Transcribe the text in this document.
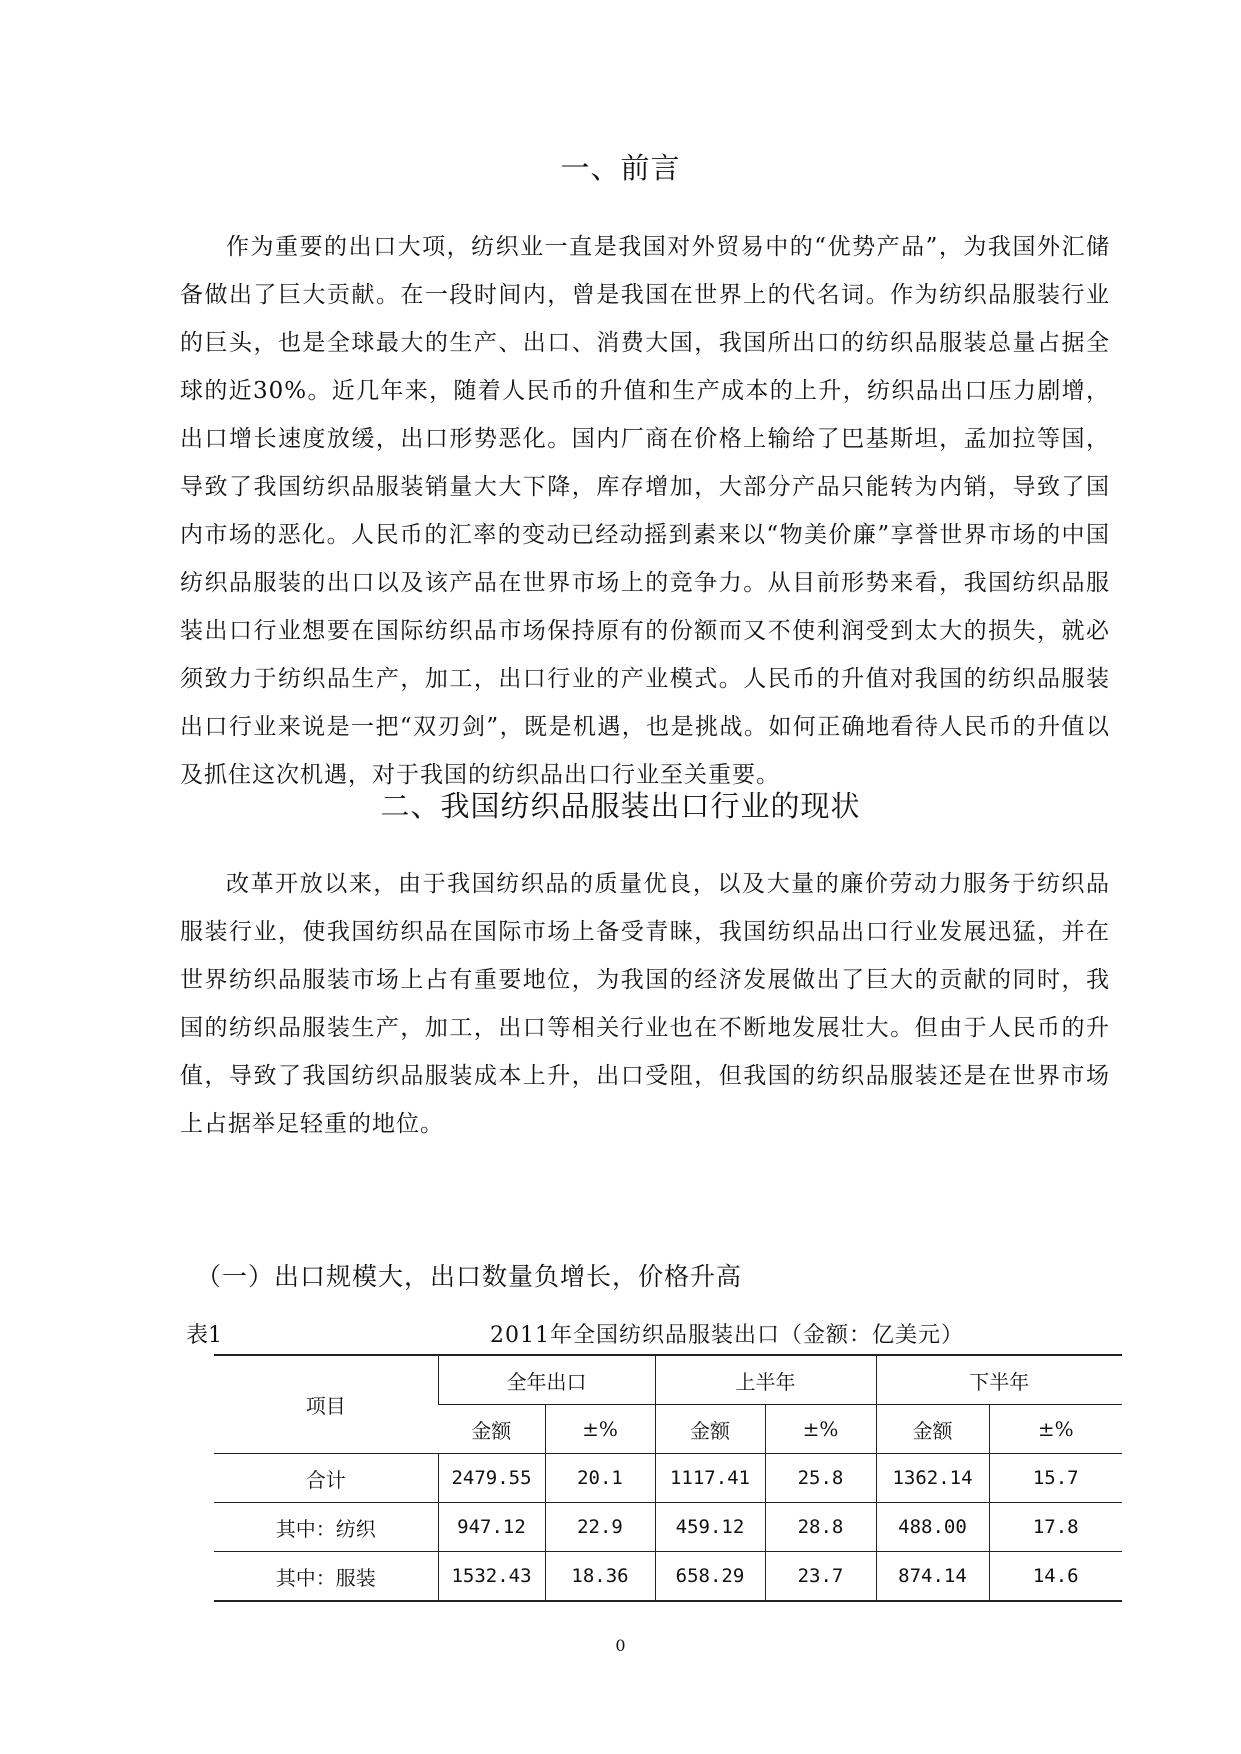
一、前言
作为重要的出口大项，纺织业一直是我国对外贸易中的“优势产品”，为我国外汇储备做出了巨大贡献。在一段时间内，曾是我国在世界上的代名词。作为纺织品服装行业的巨头，也是全球最大的生产、出口、消费大国，我国所出口的纺织品服装总量占据全球的近30%。近几年来，随着人民币的升值和生产成本的上升，纺织品出口压力剧增，出口增长速度放缓，出口形势恶化。国内厂商在价格上输给了巴基斯坦，孟加拉等国，导致了我国纺织品服装销量大大下降，库存增加，大部分产品只能转为内销，导致了国内市场的恶化。人民币的汇率的变动已经动摇到素来以“物美价廉”享誉世界市场的中国纺织品服装的出口以及该产品在世界市场上的竞争力。从目前形势来看，我国纺织品服装出口行业想要在国际纺织品市场保持原有的份额而又不使利润受到太大的损失，就必须致力于纺织品生产，加工，出口行业的产业模式。人民币的升值对我国的纺织品服装出口行业来说是一把“双刃剑”，既是机遇，也是挑战。如何正确地看待人民币的升值以及抓住这次机遇，对于我国的纺织品出口行业至关重要。
二、我国纺织品服装出口行业的现状
改革开放以来，由于我国纺织品的质量优良，以及大量的廉价劳动力服务于纺织品服装行业，使我国纺织品在国际市场上备受青睐，我国纺织品出口行业发展迅猛，并在世界纺织品服装市场上占有重要地位，为我国的经济发展做出了巨大的贡献的同时，我国的纺织品服装生产，加工，出口等相关行业也在不断地发展壮大。但由于人民币的升值，导致了我国纺织品服装成本上升，出口受阻，但我国的纺织品服装还是在世界市场上占据举足轻重的地位。
（一）出口规模大，出口数量负增长，价格升高
表1	2011年全国纺织品服装出口（金额：亿美元）
项目	全年出口		上半年		下半年	
	金额	±%	金额	±%	金额	±%
合计	2479.55	20.1	1117.41	25.8	1362.14	15.7
其中：纺织	947.12	22.9	459.12	28.8	488.00	17.8
其中：服装	1532.43	18.36	658.29	23.7	874.14	14.6
0
